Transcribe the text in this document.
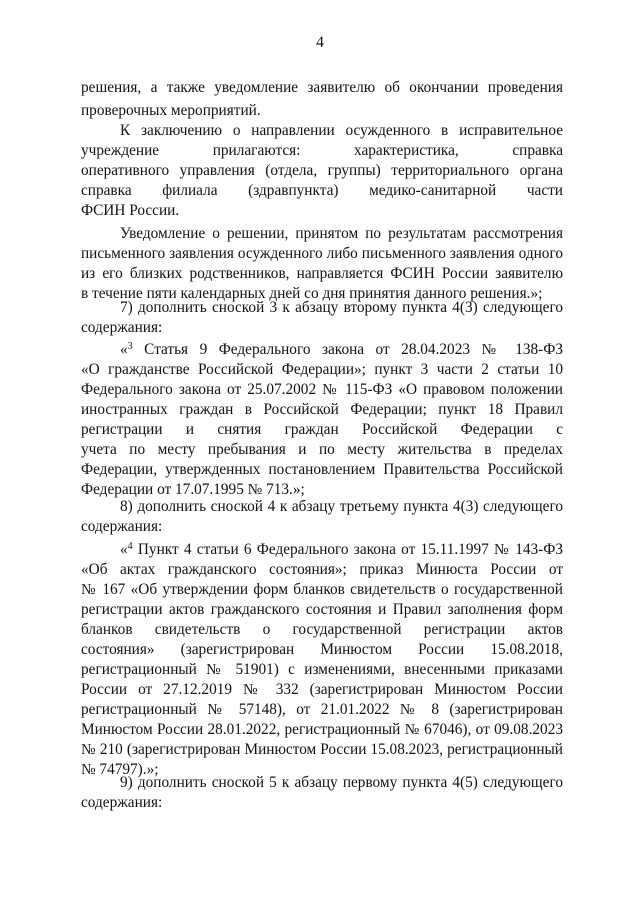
4
решения, а также уведомление заявителю об окончании проведения
проверочных мероприятий.
К заключению о направлении осужденного в исправительное
учреждение прилагаются: характеристика, справка
оперативного управления (отдела, группы) территориального органа
справка филиала (здравпункта) медико-санитарной части
ФСИН России.
Уведомление о решении, принятом по результатам рассмотрения
письменного заявления осужденного либо письменного заявления одного
из его близких родственников, направляется ФСИН России заявителю
в течение пяти календарных дней со дня принятия данного решения.»;
7) дополнить сноской 3 к абзацу второму пункта 4(3) следующего
содержания:
«$^3$ Статья 9 Федерального закона от 28.04.2023 № 138-ФЗ
«О гражданстве Российской Федерации»; пункт 3 части 2 статьи 10
Федерального закона от 25.07.2002 № 115-ФЗ «О правовом положении
иностранных граждан в Российской Федерации; пункт 18 Правил
регистрации и снятия граждан Российской Федерации с
учета по месту пребывания и по месту жительства в пределах
Федерации, утвержденных постановлением Правительства Российской
Федерации от 17.07.1995 № 713.»;
8) дополнить сноской 4 к абзацу третьему пункта 4(3) следующего
содержания:
«$^4$ Пункт 4 статьи 6 Федерального закона от 15.11.1997 № 143-ФЗ
«Об актах гражданского состояния»; приказ Минюста России от
№ 167 «Об утверждении форм бланков свидетельств о государственной
регистрации актов гражданского состояния и Правил заполнения форм
бланков свидетельств о государственной регистрации актов
состояния» (зарегистрирован Минюстом России 15.08.2018,
регистрационный № 51901) с изменениями, внесенными приказами
России от 27.12.2019 № 332 (зарегистрирован Минюстом России
регистрационный № 57148), от 21.01.2022 № 8 (зарегистрирован
Минюстом России 28.01.2022, регистрационный № 67046), от 09.08.2023
№ 210 (зарегистрирован Минюстом России 15.08.2023, регистрационный
№ 74797).»;
9) дополнить сноской 5 к абзацу первому пункта 4(5) следующего
содержания:
